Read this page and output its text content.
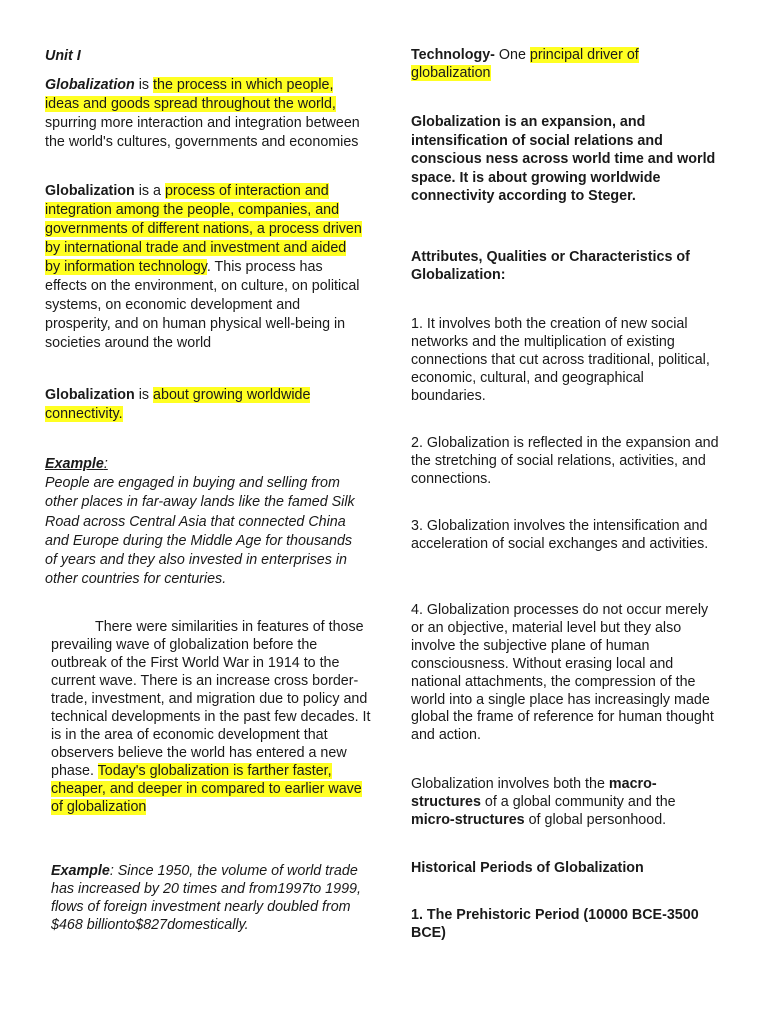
Unit I

Globalization is the process in which people, ideas and goods spread throughout the world, spurring more interaction and integration between the world's cultures, governments and economies

Globalization is a process of interaction and integration among the people, companies, and governments of different nations, a process driven by international trade and investment and aided by information technology. This process has effects on the environment, on culture, on political systems, on economic development and prosperity, and on human physical well-being in societies around the world

Globalization is about growing worldwide connectivity.

Example:
People are engaged in buying and selling from other places in far-away lands like the famed Silk Road across Central Asia that connected China and Europe during the Middle Age for thousands of years and they also invested in enterprises in other countries for centuries.

There were similarities in features of those prevailing wave of globalization before the outbreak of the First World War in 1914 to the current wave. There is an increase cross border- trade, investment, and migration due to policy and technical developments in the past few decades. It is in the area of economic development that observers believe the world has entered a new phase. Today's globalization is farther faster, cheaper, and deeper in compared to earlier wave of globalization

Example: Since 1950, the volume of world trade has increased by 20 times and from1997to 1999, flows of foreign investment nearly doubled from $468 billionto$827domestically.

Technology- One principal driver of globalization

Globalization is an expansion, and intensification of social relations and conscious ness across world time and world space. It is about growing worldwide connectivity according to Steger.

Attributes, Qualities or Characteristics of Globalization:

1. It involves both the creation of new social networks and the multiplication of existing connections that cut across traditional, political, economic, cultural, and geographical boundaries.

2. Globalization is reflected in the expansion and the stretching of social relations, activities, and connections.

3. Globalization involves the intensification and acceleration of social exchanges and activities.

4. Globalization processes do not occur merely or an objective, material level but they also involve the subjective plane of human consciousness. Without erasing local and national attachments, the compression of the world into a single place has increasingly made global the frame of reference for human thought and action.

Globalization involves both the macro-structures of a global community and the micro-structures of global personhood.

Historical Periods of Globalization

1. The Prehistoric Period (10000 BCE-3500 BCE)
